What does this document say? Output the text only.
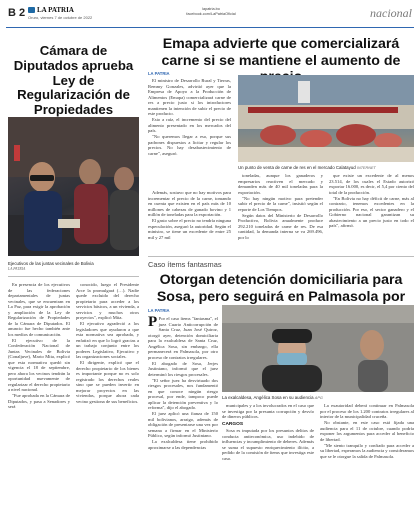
B 2 LA PATRIA
Oruro, viernes 7 de octubre de 2022
lapatria.bo
facebook.com/LaPatriaOficial	nacional
Cámara de Diputados aprueba Ley de Regularización de Propiedades
Ejecutivos de las juntas vecinales de Bolivia
LA PATRIA

En presencia de los ejecutivos de las federaciones departamentales de juntas vecinales, que se encuentran en La Paz, para exigir la aprobación y ampliación de la Ley de Regularización de Propiedades de la Cámara de Diputados. El anuncio fue hecho también ante los medios de comunicación.

El ejecutivo de la Confederación Nacional de Juntas Vecinales de Bolivia (Conaljuve), Mario Mita, explicó que esta normativa quedó sin vigencia el 18 de septiembre, pero ahora los vecinos tendrán la oportunidad nuevamente de regularizar el derecho propietario a nivel nacional.

"Fue aprobada en la Cámara de Diputados, y pasa a Senadores y será

conocido, luego el Presidente Arce la promulgará (…). Nadie quede excluido del derecho propietario para acceder a los servicios básicos, a un vivienda, a servicios y muchos otros proyectos", explicó Mita.

El ejecutivo agradeció a los legisladores que ayudaron a que esta normativa sea aprobada, y enfatizó en que lo logró gracias a un trabajo conjunto entre los poderes Legislativo, Ejecutivo y las organizaciones sociales.

El dirigente, explicó que el derecho propietario de los bienes es importante porque no es solo registrado los derechos reales sino que se pueden invertir en mejorar proyectos en las viviendas, porque ahora cada vecino gestiona de sus beneficios.

Emapa advierte que comercializará carne si se mantiene el aumento de
LA PATRIA

El ministro de Desarrollo Rural y Tierras, Remmy Gonzales, advirtió ayer que la Empresa de Apoyo a la Producción de Alimentos (Emapa) comercializará carne de res a precio justo si los introductores mantienen la intención de subir el precio de este producto.

Esto a raíz, el incremento del precio del alimento presentado en los mercados del país.

"No queremos llegar a eso, porque sus padrones dispuestos a licitar y regular los precios. No hay desabastecimiento de carne", aseguró.

Además, sostuvo que no hay motivos para incrementar el precio de la carne, tomando en cuenta que existen en el país más de 10 millones de cabezas de ganado bovino y 1 millón de toneladas para la exportación.

El gasto sobre el precio no tendría ninguna especulación, aseguró la autoridad. Según el ministro, se tiene un excedente de entre 25 mil y 27 mil

Un punto de venta de carne de res en el mercado Calatayud INTERNET

toneladas, aunque los ganaderos y empresarios reactiven el mercado y demanden más de 40 mil toneladas para la exportación.

"No hay ningún motivo para pretender subir el precio de la carne", insistió según el reporte de Los Tiempos.

Según datos del Ministerio de Desarrollo Productivo, Bolivia anualmente produce 292.210 toneladas de carne de res. De esa cantidad, la demanda interna se va 269.496, por lo

que existe un excedente de al menos 23.514, de los cuales el Estado autorizó exportar 16.000, es decir, el 5,4 por ciento del total de la producción.

"En Bolivia no hay déficit de carne, más al contrario, tenemos excedentes en la producción. Por eso, el sector ganadero y el Gobierno nacional garantizan su abastecimiento a un precio justo en todo el país", afirmó.

Caso ítems fantasmas
Otorgan detención domiciliaria para Sosa, pero seguirá en Palmasola por
LA PATRIA

P Por el caso ítems "fantasma", el juez Cuarto Anticorrupción de Santa Cruz, Juan José Quiroz, otorgó ayer, detención domiciliaria para la exalcaldesa de Santa Cruz, Angélica Sosa, sin embargo, ella permanecerá en Palmasola, por otro proceso de contratos irregulares.

El abogado de Sosa, Jerjes Justiniano, informó que el juez determinó los riesgos procesales.

"El señor juez ha desvirtuado dos riesgos procesales, nos fundamentó en que conoce ningún riesgo procesal, por ende, tampoco puede aplicar la detención preventiva y lo reforma", dijo el abogado.

El juez aplicó una fianza de 150 mil bolivianos, arraigo, además de obligación de presentarse una vez por semana a firmar en el Ministerio Público, según informó Justiniano.

La exalcaldesa tiene prohibido aproximarse a las dependencias

La exalcaldesa, Angélica Sosa en su audiencia APG

municipales y a los involucrados en el caso que se investiga por la presunta corrupción y desvío de dineros públicos.

CARGOS

Sosa es imputada por los presuntos delitos de conducta antieconómica, uso indebido de influencias y incumplimiento de deberes. Además se suma el supuesto enriquecimiento ilícito, a pedido de la comisión de ítems que investiga este caso.

La exautoridad deberá continuar en Palmasola por el proceso de los 1.200 contratos irregulares al interior de la municipalidad cruceña.

No obstante, en este caso está fijada una audiencia para el 11 de octubre, cuando podría exponer los argumentos para acceder al beneficio de libertad.

"Me siento tranquilo y confiado para acceder a su libertad, esperamos la audiencia y consideramos que se le otorgue la salida de Palmasola.
